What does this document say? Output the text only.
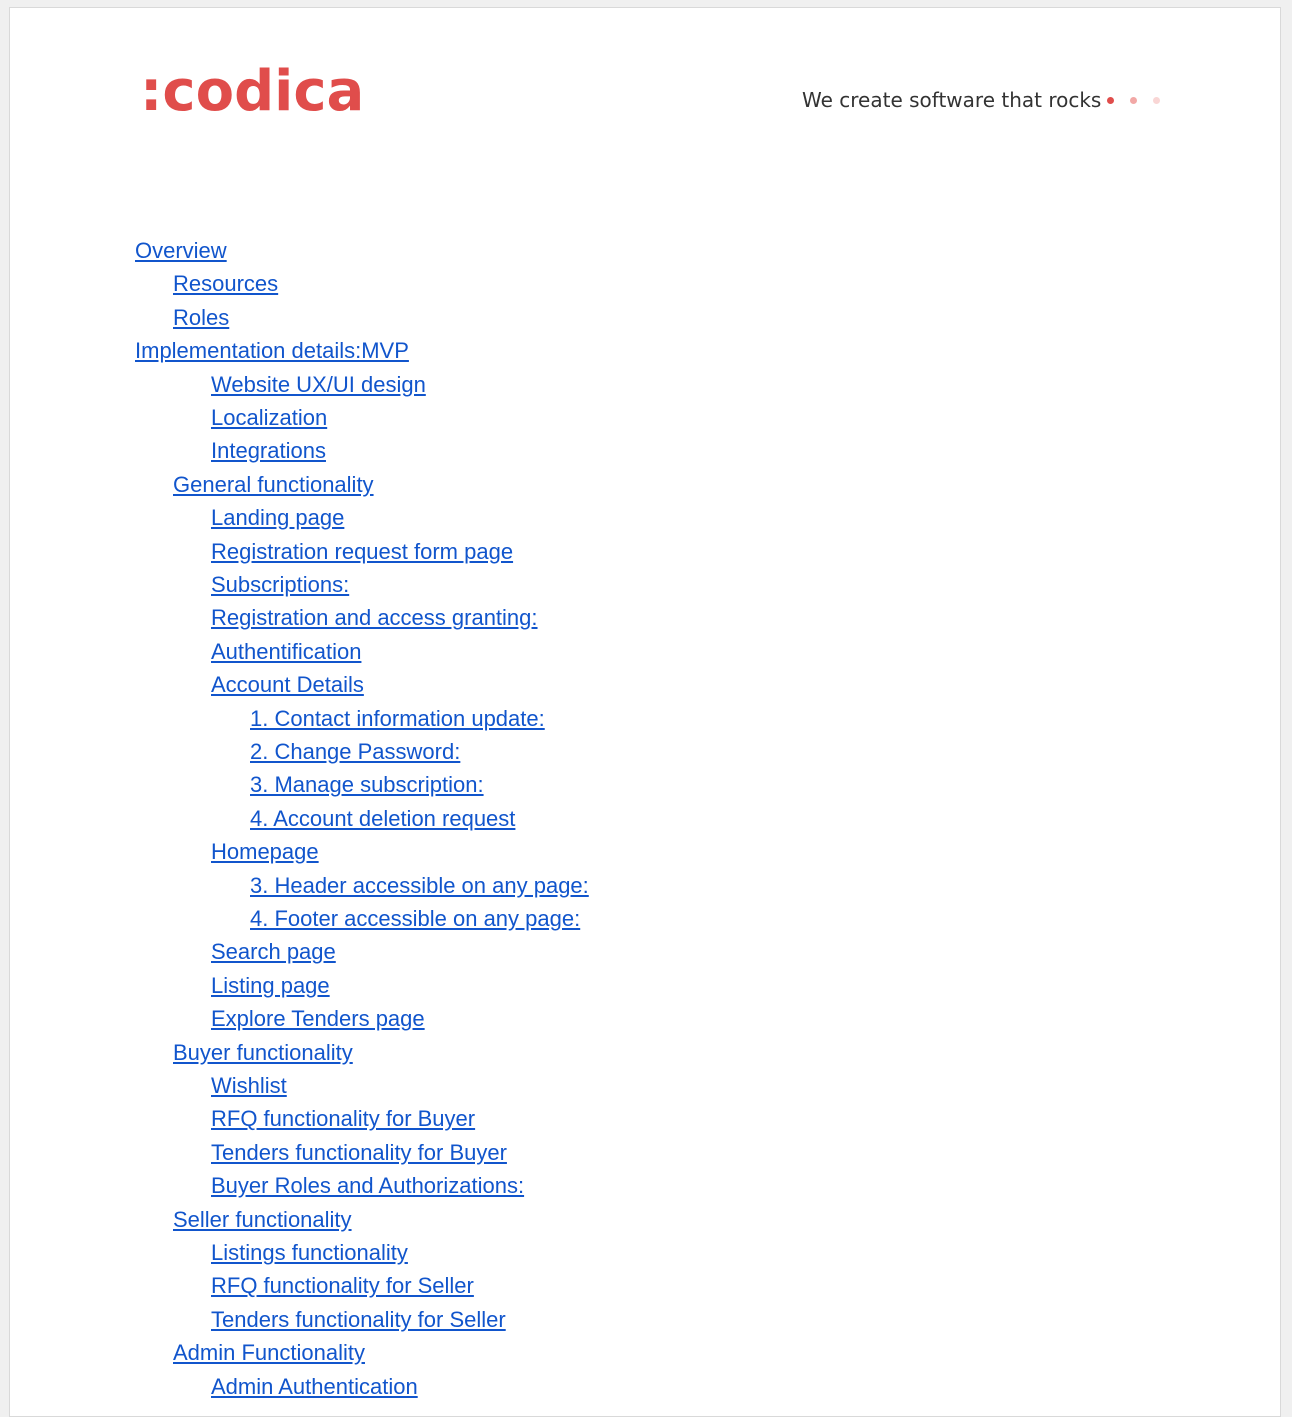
:codica	We create software that rocks
Overview
Resources
Roles
Implementation details:MVP
Website UX/UI design
Localization
Integrations
General functionality
Landing page
Registration request form page
Subscriptions:
Registration and access granting:
Authentification
Account Details
1. Contact information update:
2. Change Password:
3. Manage subscription:
4. Account deletion request
Homepage
3. Header accessible on any page:
4. Footer accessible on any page:
Search page
Listing page
Explore Tenders page
Buyer functionality
Wishlist
RFQ functionality for Buyer
Tenders functionality for Buyer
Buyer Roles and Authorizations:
Seller functionality
Listings functionality
RFQ functionality for Seller
Tenders functionality for Seller
Admin Functionality
Admin Authentication
